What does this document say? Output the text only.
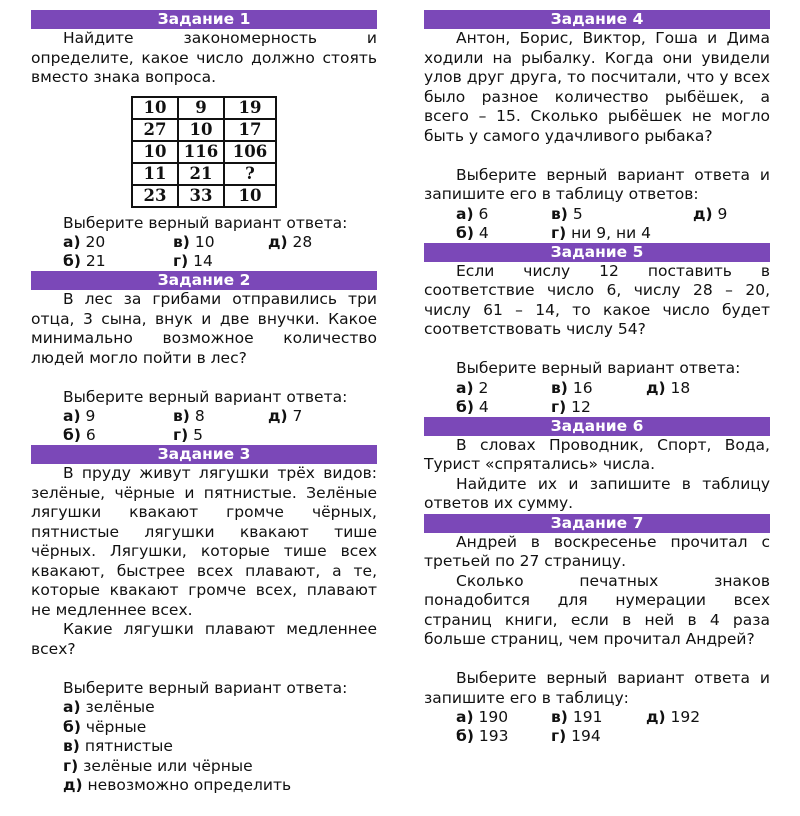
Задание 1

Найдите закономерность и определите, какое число должно стоять вместо знака вопроса.

10	9	19
27	10	17
10	116	106
11	21	?
23	33	10

Выберите верный вариант ответа:

а) 20	в) 10	д) 28
б) 21	г) 14
Задание 2

В лес за грибами отправились три отца, 3 сына, внук и две внучки. Какое минимально возможное количество людей могло пойти в лес?

Выберите верный вариант ответа:

а) 9	в) 8	д) 7
б) 6	г) 5
Задание 3

В пруду живут лягушки трёх видов: зелёные, чёрные и пятнистые. Зелёные лягушки квакают громче чёрных, пятнистые лягушки квакают тише чёрных. Лягушки, которые тише всех квакают, быстрее всех плавают, а те, которые квакают громче всех, плавают не медленнее всех.

Какие лягушки плавают медленнее всех?

Выберите верный вариант ответа:

а) зелёные
б) чёрные
в) пятнистые
г) зелёные или чёрные
д) невозможно определить
Задание 4

Антон, Борис, Виктор, Гоша и Дима ходили на рыбалку. Когда они увидели улов друг друга, то посчитали, что у всех было разное количество рыбёшек, а всего – 15. Сколько рыбёшек не могло быть у самого удачливого рыбака?

Выберите верный вариант ответа и запишите его в таблицу ответов:

а) 6	в) 5	д) 9
б) 4	г) ни 9, ни 4
Задание 5

Если числу 12 поставить в соответствие число 6, числу 28 – 20, числу 61 – 14, то какое число будет соответствовать числу 54?

Выберите верный вариант ответа:

а) 2	в) 16	д) 18
б) 4	г) 12
Задание 6

В словах Проводник, Спорт, Вода, Турист «спрятались» числа.

Найдите их и запишите в таблицу ответов их сумму.

Задание 7

Андрей в воскресенье прочитал с третьей по 27 страницу.

Сколько печатных знаков понадобится для нумерации всех страниц книги, если в ней в 4 раза больше страниц, чем прочитал Андрей?

Выберите верный вариант ответа и запишите его в таблицу:

а) 190	в) 191	д) 192
б) 193	г) 194
